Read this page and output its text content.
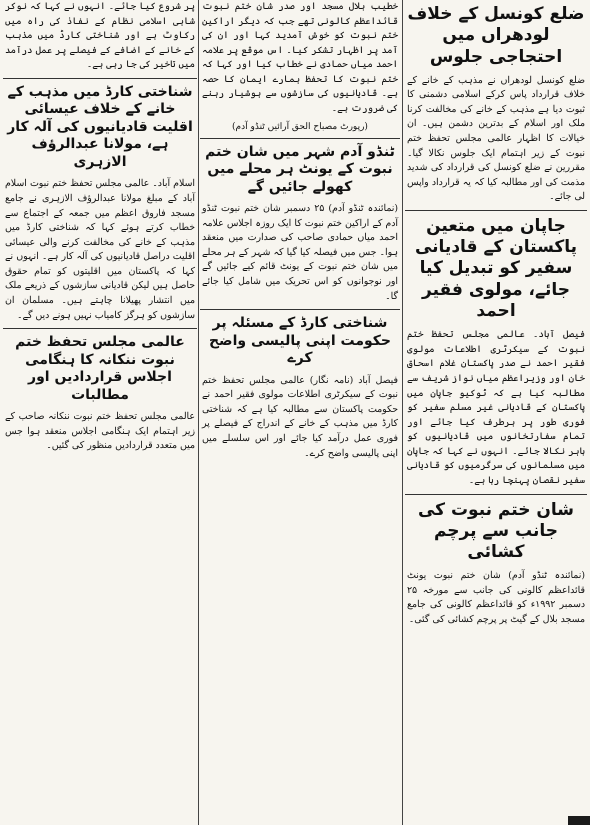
ضلع کونسل کے خلاف لودھراں میں احتجاجی جلوس

ضلع کونسل لودھراں نے مذہب کے خانے کے خلاف قرارداد پاس کرکے اسلامی دشمنی کا ثبوت دیا ہے مذہب کے خانے کی مخالفت کرنا ملک اور اسلام کے بدترین دشمن ہیں۔ ان خیالات کا اظہار عالمی مجلس تحفظ ختم نبوت کے زیر اہتمام ایک جلوس نکالا گیا۔ مقررین نے ضلع کونسل کی قرارداد کی شدید مذمت کی اور مطالبہ کیا کہ یہ قرارداد واپس لی جائے۔

جاپان میں متعین پاکستان کے قادیانی سفیر کو تبدیل کیا جائے، مولوی فقیر احمد

فیصل آباد۔ عالمی مجلس تحفظ ختم نبوت کے سیکرٹری اطلاعات مولوی فقیر احمد نے صدر پاکستان غلام اسحاق خان اور وزیراعظم میاں نواز شریف سے مطالبہ کیا ہے کہ ٹوکیو جاپان میں پاکستان کے قادیانی غیر مسلم سفیر کو فوری طور پر برطرف کیا جائے اور تمام سفارتخانوں میں قادیانیوں کو باہر نکالا جائے۔ انہوں نے کہا کہ جاپان میں مسلمانوں کی سرگرمیوں کو قادیانی سفیر نقصان پہنچا رہا ہے۔

شان ختم نبوت کی جانب سے پرچم کشائی

(نمائندہ ٹنڈو آدم) شان ختم نبوت یونٹ قائداعظم کالونی کی جانب سے مورخہ ۲۵ دسمبر ۱۹۹۲ء کو قائداعظم کالونی کی جامع مسجد بلال کے گیٹ پر پرچم کشائی کی گئی۔

خطیب بلال مسجد اور صدر شان ختم نبوت قائداعظم کالونی تھے جب کہ دیگر اراکین ختم نبوت کو خوش آمدید کہا اور ان کی آمد پر اظہار تشکر کیا۔ اس موقع پر علامہ احمد میاں حمادی نے خطاب کیا اور کہا کہ ختم نبوت کا تحفظ ہمارے ایمان کا حصہ ہے۔ قادیانیوں کی سازشوں سے ہوشیار رہنے کی ضرورت ہے۔

(رپورٹ مصباح الحق آرائیں ٹنڈو آدم)
ٹنڈو آدم شہر میں شان ختم نبوت کے یونٹ ہر محلے میں کھولے جائیں گے

(نمائندہ ٹنڈو آدم) ۲۵ دسمبر شان ختم نبوت ٹنڈو آدم کے اراکین ختم نبوت کا ایک روزہ اجلاس علامہ احمد میاں حمادی صاحب کی صدارت میں منعقد ہوا۔ جس میں فیصلہ کیا گیا کہ شہر کے ہر محلے میں شان ختم نبوت کے یونٹ قائم کیے جائیں گے اور نوجوانوں کو اس تحریک میں شامل کیا جائے گا۔

شناختی کارڈ کے مسئلہ پر حکومت اپنی پالیسی واضح کرے

فیصل آباد (نامہ نگار) عالمی مجلس تحفظ ختم نبوت کے سیکرٹری اطلاعات مولوی فقیر احمد نے حکومت پاکستان سے مطالبہ کیا ہے کہ شناختی کارڈ میں مذہب کے خانے کے اندراج کے فیصلے پر فوری عمل درآمد کیا جائے اور اس سلسلے میں اپنی پالیسی واضح کرے۔

پر شروع کیا جائے۔ انہوں نے کہا کہ نوکر شاہی اسلامی نظام کے نفاذ کی راہ میں رکاوٹ ہے اور شناختی کارڈ میں مذہب کے خانے کے اضافے کے فیصلے پر عمل درآمد میں تاخیر کی جا رہی ہے۔

شناختی کارڈ میں مذہب کے خانے کے خلاف عیسائی اقلیت قادیانیوں کی آلہ کار ہے، مولانا عبدالرؤف الازہری

اسلام آباد۔ عالمی مجلس تحفظ ختم نبوت اسلام آباد کے مبلغ مولانا عبدالرؤف الازہری نے جامع مسجد فاروق اعظم میں جمعہ کے اجتماع سے خطاب کرتے ہوئے کہا کہ شناختی کارڈ میں مذہب کے خانے کی مخالفت کرنے والی عیسائی اقلیت دراصل قادیانیوں کی آلہ کار ہے۔ انہوں نے کہا کہ پاکستان میں اقلیتوں کو تمام حقوق حاصل ہیں لیکن قادیانی سازشوں کے ذریعے ملک میں انتشار پھیلانا چاہتے ہیں۔ مسلمان ان سازشوں کو ہرگز کامیاب نہیں ہونے دیں گے۔

عالمی مجلس تحفظ ختم نبوت ننکانہ کا ہنگامی اجلاس قراردادیں اور مطالبات

عالمی مجلس تحفظ ختم نبوت ننکانہ صاحب کے زیر اہتمام ایک ہنگامی اجلاس منعقد ہوا جس میں متعدد قراردادیں منظور کی گئیں۔
